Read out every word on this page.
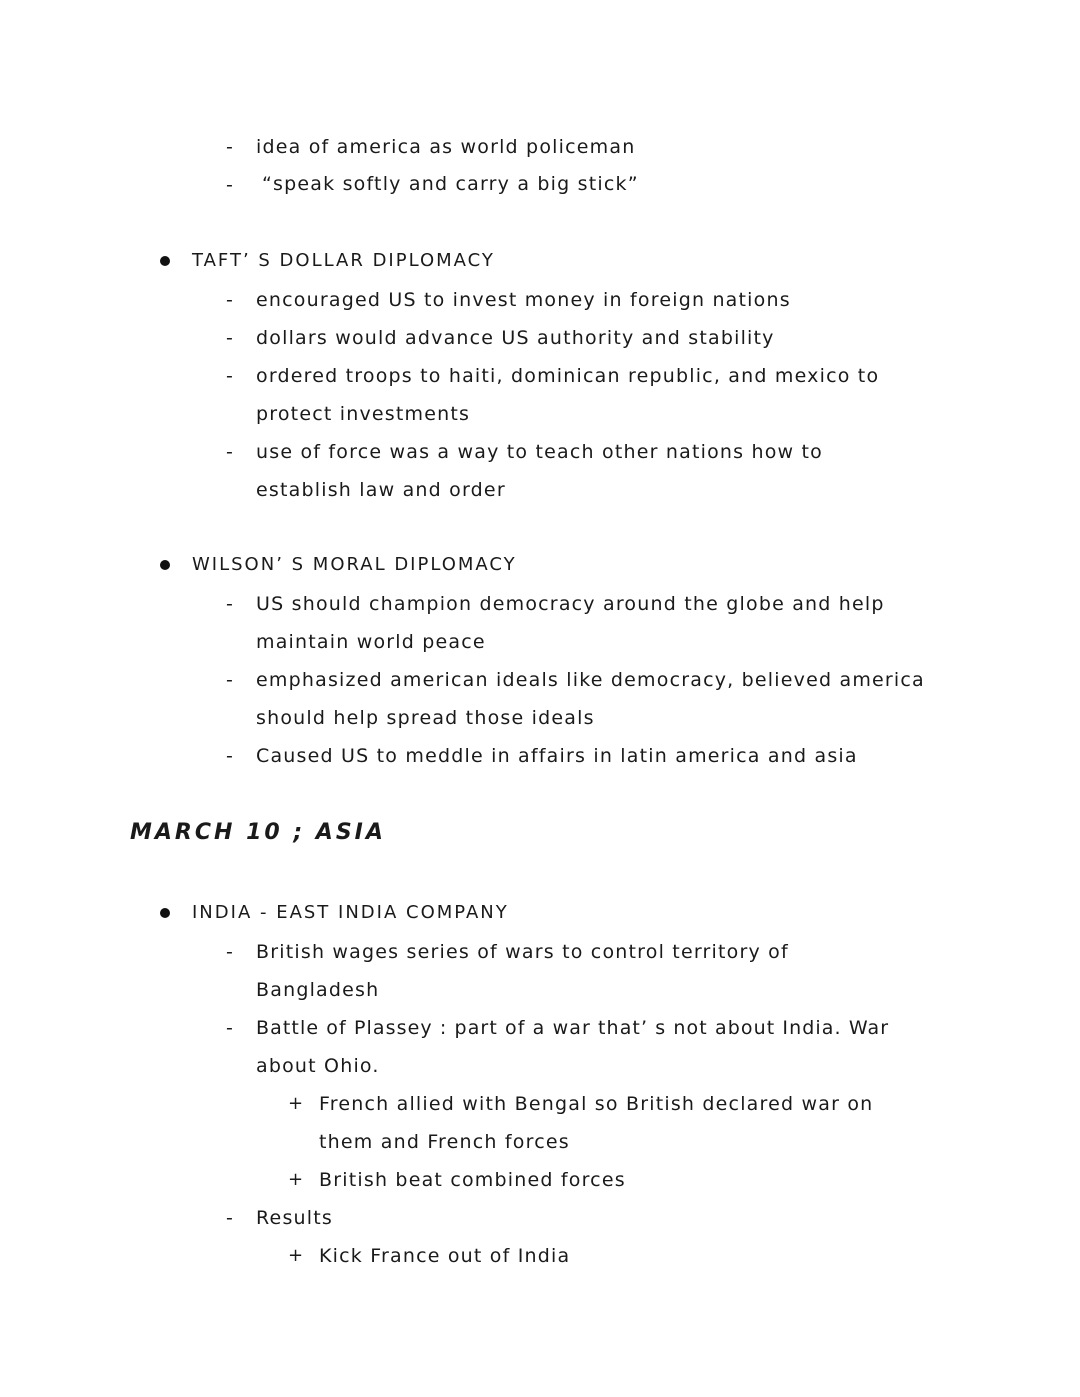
- idea of america as world policeman
- “speak softly and carry a big stick”
TAFT’ S DOLLAR DIPLOMACY
- encouraged US to invest money in foreign nations
- dollars would advance US authority and stability
- ordered troops to haiti, dominican republic, and mexico to
protect investments
- use of force was a way to teach other nations how to
establish law and order
WILSON’ S MORAL DIPLOMACY
- US should champion democracy around the globe and help
maintain world peace
- emphasized american ideals like democracy, believed america
should help spread those ideals
- Caused US to meddle in affairs in latin america and asia
MARCH 10 ; ASIA
INDIA - EAST INDIA COMPANY
- British wages series of wars to control territory of
Bangladesh
- Battle of Plassey : part of a war that’ s not about India. War
about Ohio.
+ French allied with Bengal so British declared war on
them and French forces
+ British beat combined forces
- Results
+ Kick France out of India
